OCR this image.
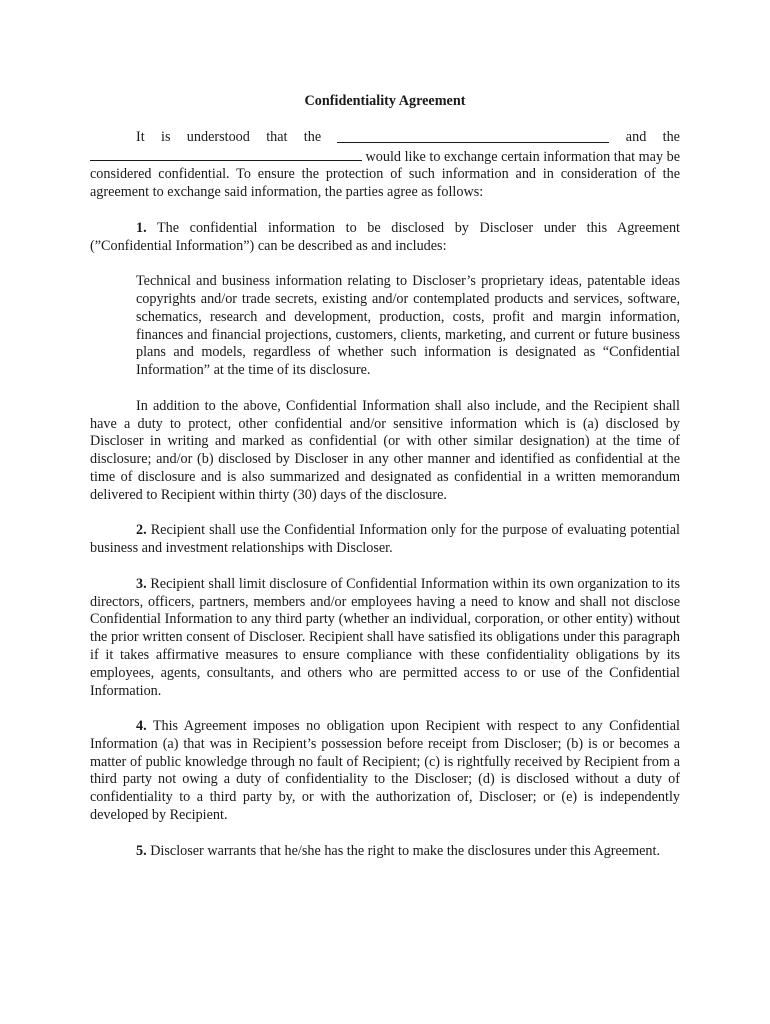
Confidentiality Agreement
It is understood that the	and the

would like to exchange certain information that may be considered confidential. To ensure the protection of such information and in consideration of the agreement to exchange said information, the parties agree as follows:

1. The confidential information to be disclosed by Discloser under this Agreement (”Confidential Information”) can be described as and includes:

Technical and business information relating to Discloser’s proprietary ideas, patentable ideas copyrights and/or trade secrets, existing and/or contemplated products and services, software, schematics, research and development, production, costs, profit and margin information, finances and financial projections, customers, clients, marketing, and current or future business plans and models, regardless of whether such information is designated as “Confidential Information” at the time of its disclosure.

In addition to the above, Confidential Information shall also include, and the Recipient shall have a duty to protect, other confidential and/or sensitive information which is (a) disclosed by Discloser in writing and marked as confidential (or with other similar designation) at the time of disclosure; and/or (b) disclosed by Discloser in any other manner and identified as confidential at the time of disclosure and is also summarized and designated as confidential in a written memorandum delivered to Recipient within thirty (30) days of the disclosure.

2. Recipient shall use the Confidential Information only for the purpose of evaluating potential business and investment relationships with Discloser.

3. Recipient shall limit disclosure of Confidential Information within its own organization to its directors, officers, partners, members and/or employees having a need to know and shall not disclose Confidential Information to any third party (whether an individual, corporation, or other entity) without the prior written consent of Discloser. Recipient shall have satisfied its obligations under this paragraph if it takes affirmative measures to ensure compliance with these confidentiality obligations by its employees, agents, consultants, and others who are permitted access to or use of the Confidential Information.

4. This Agreement imposes no obligation upon Recipient with respect to any Confidential Information (a) that was in Recipient’s possession before receipt from Discloser; (b) is or becomes a matter of public knowledge through no fault of Recipient; (c) is rightfully received by Recipient from a third party not owing a duty of confidentiality to the Discloser; (d) is disclosed without a duty of confidentiality to a third party by, or with the authorization of, Discloser; or (e) is independently developed by Recipient.

5. Discloser warrants that he/she has the right to make the disclosures under this Agreement.
